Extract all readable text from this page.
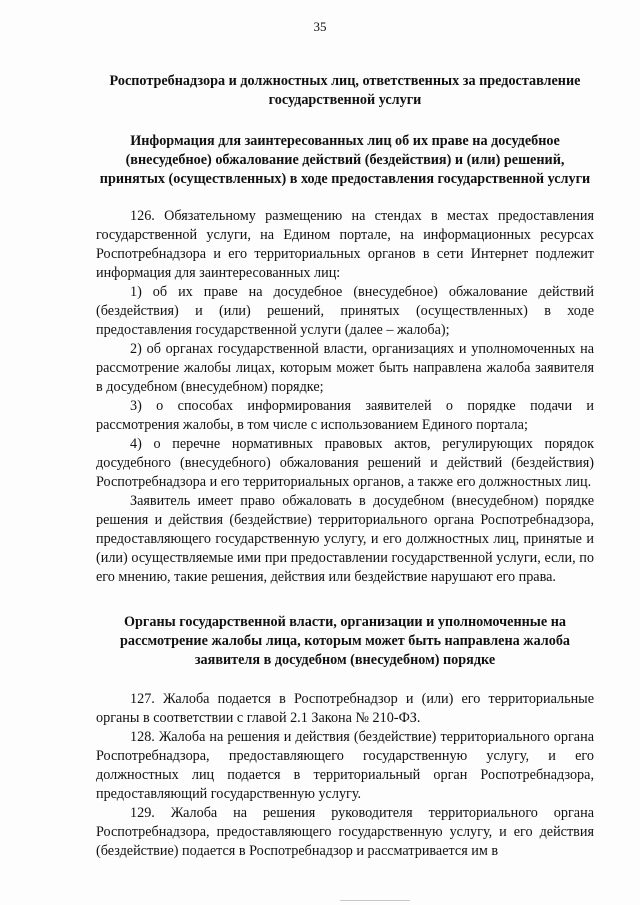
35

Роспотребнадзора и должностных лиц, ответственных за предоставление государственной услуги

Информация для заинтересованных лиц об их праве на досудебное (внесудебное) обжалование действий (бездействия) и (или) решений, принятых (осуществленных) в ходе предоставления государственной услуги

126. Обязательному размещению на стендах в местах предоставления государственной услуги, на Едином портале, на информационных ресурсах Роспотребнадзора и его территориальных органов в сети Интернет подлежит информация для заинтересованных лиц:

1) об их праве на досудебное (внесудебное) обжалование действий (бездействия) и (или) решений, принятых (осуществленных) в ходе предоставления государственной услуги (далее – жалоба);

2) об органах государственной власти, организациях и уполномоченных на рассмотрение жалобы лицах, которым может быть направлена жалоба заявителя в досудебном (внесудебном) порядке;

3) о способах информирования заявителей о порядке подачи и рассмотрения жалобы, в том числе с использованием Единого портала;

4) о перечне нормативных правовых актов, регулирующих порядок досудебного (внесудебного) обжалования решений и действий (бездействия) Роспотребнадзора и его территориальных органов, а также его должностных лиц.

Заявитель имеет право обжаловать в досудебном (внесудебном) порядке решения и действия (бездействие) территориального органа Роспотребнадзора, предоставляющего государственную услугу, и его должностных лиц, принятые и (или) осуществляемые ими при предоставлении государственной услуги, если, по его мнению, такие решения, действия или бездействие нарушают его права.

Органы государственной власти, организации и уполномоченные на рассмотрение жалобы лица, которым может быть направлена жалоба заявителя в досудебном (внесудебном) порядке

127. Жалоба подается в Роспотребнадзор и (или) его территориальные органы в соответствии с главой 2.1 Закона № 210-ФЗ.

128. Жалоба на решения и действия (бездействие) территориального органа Роспотребнадзора, предоставляющего государственную услугу, и его должностных лиц подается в территориальный орган Роспотребнадзора, предоставляющий государственную услугу.

129. Жалоба на решения руководителя территориального органа Роспотребнадзора, предоставляющего государственную услугу, и его действия (бездействие) подается в Роспотребнадзор и рассматривается им в
